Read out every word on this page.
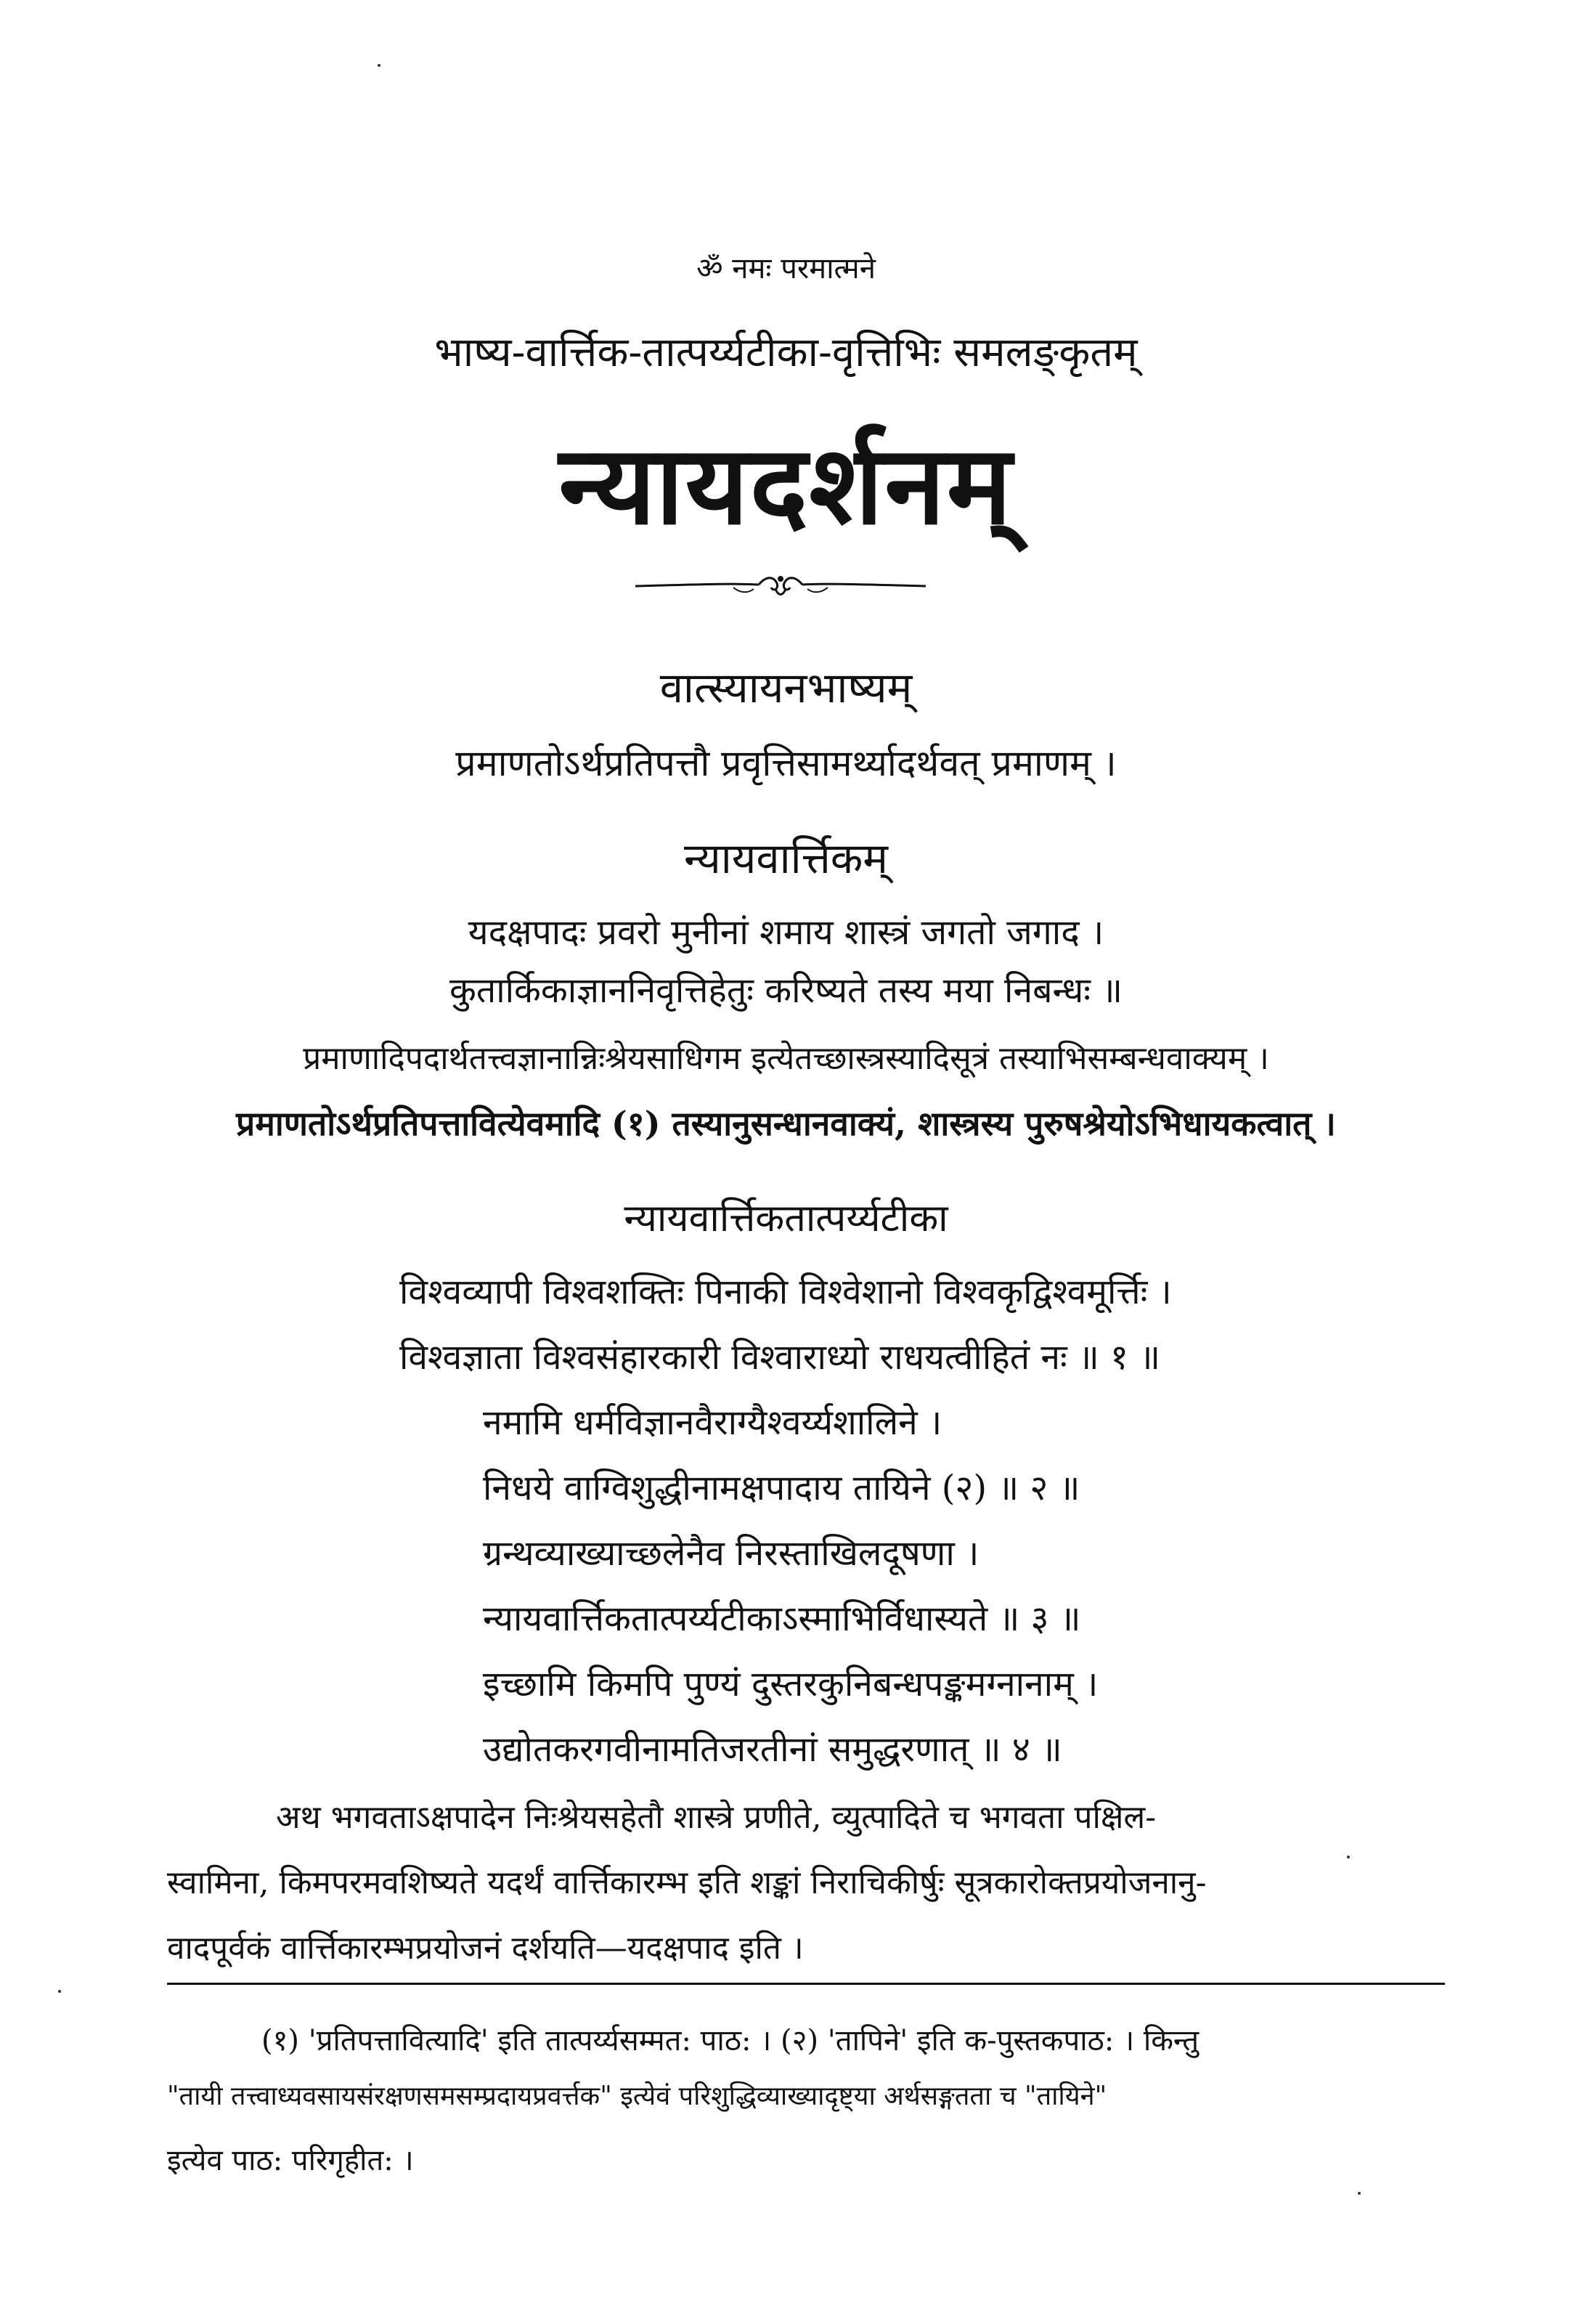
ॐ नमः परमात्मने
भाष्य-वार्त्तिक-तात्पर्य्यटीका-वृत्तिभिः समलङ्कृतम्
न्यायदर्शनम्
वात्स्यायनभाष्यम्
प्रमाणतोऽर्थप्रतिपत्तौ प्रवृत्तिसामर्थ्यादर्थवत् प्रमाणम् ।
न्यायवार्त्तिकम्
यदक्षपादः प्रवरो मुनीनां शमाय शास्त्रं जगतो जगाद ।
कुतार्किकाज्ञाननिवृत्तिहेतुः करिष्यते तस्य मया निबन्धः ॥
प्रमाणादिपदार्थतत्त्वज्ञानान्निःश्रेयसाधिगम इत्येतच्छास्त्रस्यादिसूत्रं तस्याभिसम्बन्धवाक्यम् ।
प्रमाणतोऽर्थप्रतिपत्तावित्येवमादि (१) तस्यानुसन्धानवाक्यं, शास्त्रस्य पुरुषश्रेयोऽभिधायकत्वात् ।
न्यायवार्त्तिकतात्पर्य्यटीका
विश्वव्यापी विश्वशक्तिः पिनाकी विश्वेशानो विश्वकृद्विश्वमूर्त्तिः ।
विश्वज्ञाता विश्वसंहारकारी विश्वाराध्यो राधयत्वीहितं नः ॥ १ ॥
नमामि धर्मविज्ञानवैराग्यैश्वर्य्यशालिने ।
निधये वाग्विशुद्धीनामक्षपादाय तायिने (२) ॥ २ ॥
ग्रन्थव्याख्याच्छलेनैव निरस्ताखिलदूषणा ।
न्यायवार्त्तिकतात्पर्य्यटीकाऽस्माभिर्विधास्यते ॥ ३ ॥
इच्छामि किमपि पुण्यं दुस्तरकुनिबन्धपङ्कमग्नानाम् ।
उद्योतकरगवीनामतिजरतीनां समुद्धरणात् ॥ ४ ॥
अथ भगवताऽक्षपादेन निःश्रेयसहेतौ शास्त्रे प्रणीते, व्युत्पादिते च भगवता पक्षिल-
स्वामिना, किमपरमवशिष्यते यदर्थं वार्त्तिकारम्भ इति शङ्कां निराचिकीर्षुः सूत्रकारोक्तप्रयोजनानु-
वादपूर्वकं वार्त्तिकारम्भप्रयोजनं दर्शयति—यदक्षपाद इति ।
(१) 'प्रतिपत्तावित्यादि' इति तात्पर्य्यसम्मत: पाठ: । (२) 'तापिने' इति क-पुस्तकपाठ: । किन्तु
"तायी तत्त्वाध्यवसायसंरक्षणसमसम्प्रदायप्रवर्त्तक" इत्येवं परिशुद्धिव्याख्यादृष्ट्या अर्थसङ्गतता च "तायिने"
इत्येव पाठ: परिगृहीत: ।
